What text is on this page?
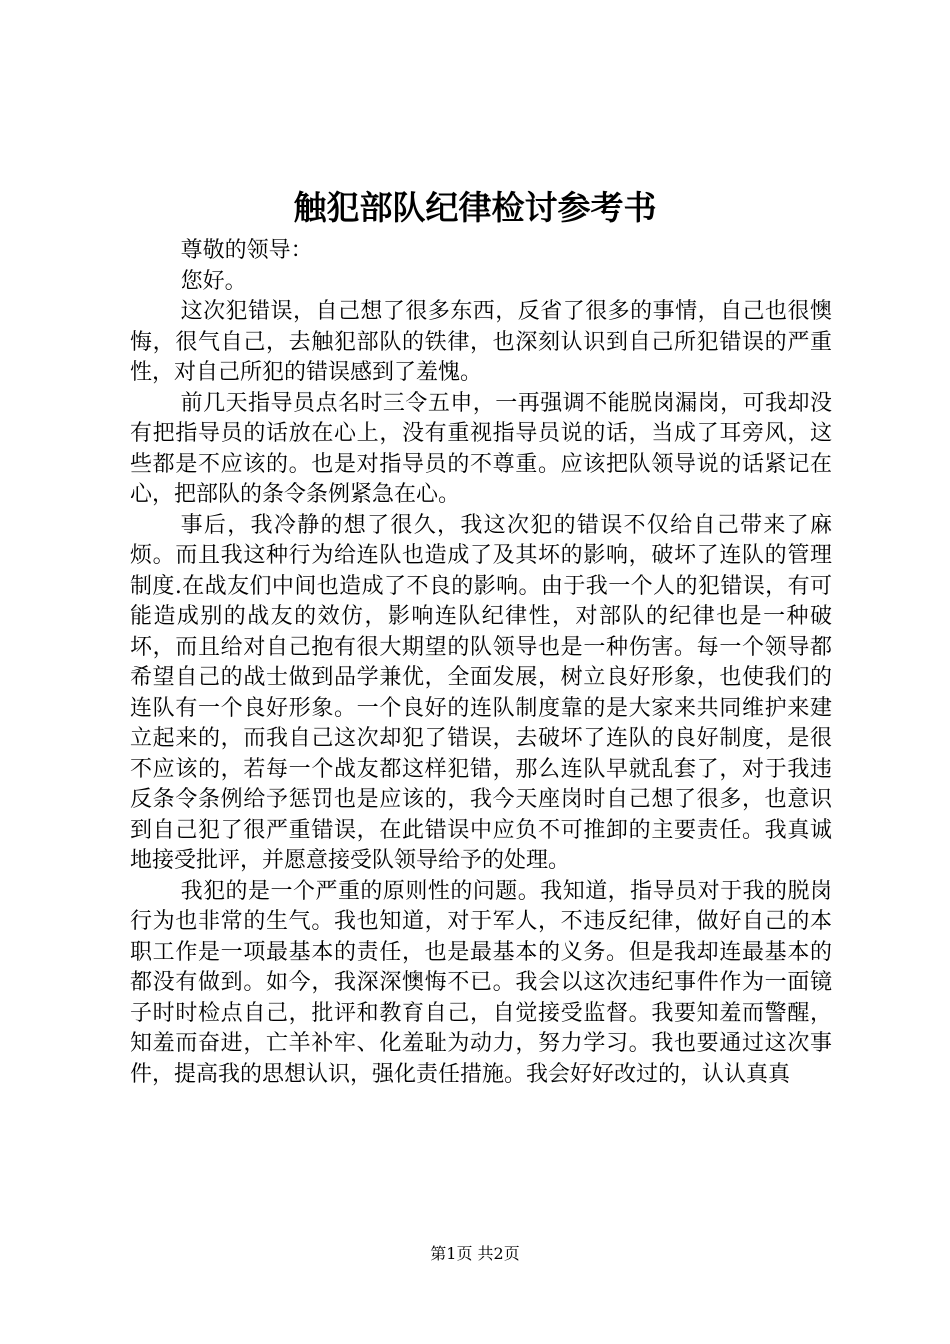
触犯部队纪律检讨参考书

尊敬的领导：

您好。

这次犯错误，自己想了很多东西，反省了很多的事情，自己也很懊悔，很气自己，去触犯部队的铁律，也深刻认识到自己所犯错误的严重性，对自己所犯的错误感到了羞愧。

前几天指导员点名时三令五申，一再强调不能脱岗漏岗，可我却没有把指导员的话放在心上，没有重视指导员说的话，当成了耳旁风，这些都是不应该的。也是对指导员的不尊重。应该把队领导说的话紧记在心，把部队的条令条例紧急在心。

事后，我冷静的想了很久，我这次犯的错误不仅给自己带来了麻烦。而且我这种行为给连队也造成了及其坏的影响，破坏了连队的管理制度.在战友们中间也造成了不良的影响。由于我一个人的犯错误，有可能造成别的战友的效仿，影响连队纪律性，对部队的纪律也是一种破坏，而且给对自己抱有很大期望的队领导也是一种伤害。每一个领导都希望自己的战士做到品学兼优，全面发展，树立良好形象，也使我们的连队有一个良好形象。一个良好的连队制度靠的是大家来共同维护来建立起来的，而我自己这次却犯了错误，去破坏了连队的良好制度，是很不应该的，若每一个战友都这样犯错，那么连队早就乱套了，对于我违反条令条例给予惩罚也是应该的，我今天座岗时自己想了很多，也意识到自己犯了很严重错误，在此错误中应负不可推卸的主要责任。我真诚地接受批评，并愿意接受队领导给予的处理。

我犯的是一个严重的原则性的问题。我知道，指导员对于我的脱岗行为也非常的生气。我也知道，对于军人，不违反纪律，做好自己的本职工作是一项最基本的责任，也是最基本的义务。但是我却连最基本的都没有做到。如今，我深深懊悔不已。我会以这次违纪事件作为一面镜子时时检点自己，批评和教育自己，自觉接受监督。我要知羞而警醒，知羞而奋进，亡羊补牢、化羞耻为动力，努力学习。我也要通过这次事件，提高我的思想认识，强化责任措施。我会好好改过的，认认真真

第1页 共2页
